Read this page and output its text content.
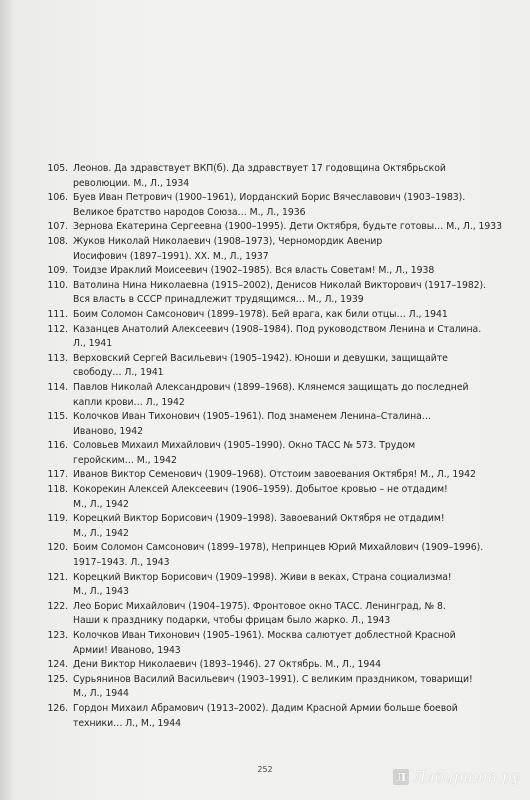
105. Леонов. Да здравствует ВКП(б). Да здравствует 17 годовщина Октябрьской
революции. М., Л., 1934
106. Буев Иван Петрович (1900–1961), Иорданский Борис Вячеславович (1903–1983).
Великое братство народов Союза… М., Л., 1936
107. Зернова Екатерина Сергеевна (1900–1995). Дети Октября, будьте готовы… М., Л., 1933
108. Жуков Николай Николаевич (1908–1973), Черномордик Авенир
Иосифович (1897–1991). ХХ. М., Л., 1937
109. Тоидзе Ираклий Моисеевич (1902–1985). Вся власть Советам! М., Л., 1938
110. Ватолина Нина Николаевна (1915–2002), Денисов Николай Викторович (1917–1982).
Вся власть в СССР принадлежит трудящимся… М., Л., 1939
111. Боим Соломон Самсонович (1899–1978). Бей врага, как били отцы… Л., 1941
112. Казанцев Анатолий Алексеевич (1908–1984). Под руководством Ленина и Сталина.
Л., 1941
113. Верховский Сергей Васильевич (1905–1942). Юноши и девушки, защищайте
свободу… Л., 1941
114. Павлов Николай Александрович (1899–1968). Клянемся защищать до последней
капли крови… Л., 1942
115. Колочков Иван Тихонович (1905–1961). Под знаменем Ленина–Сталина…
Иваново, 1942
116. Соловьев Михаил Михайлович (1905–1990). Окно ТАСС № 573. Трудом
геройским… М., 1942
117. Иванов Виктор Семенович (1909–1968). Отстоим завоевания Октября! М., Л., 1942
118. Кокорекин Алексей Алексеевич (1906–1959). Добытое кровью – не отдадим!
М., Л., 1942
119. Корецкий Виктор Борисович (1909–1998). Завоеваний Октября не отдадим!
М., Л., 1942
120. Боим Соломон Самсонович (1899–1978), Непринцев Юрий Михайлович (1909–1996).
1917–1943. Л., 1943
121. Корецкий Виктор Борисович (1909–1998). Живи в веках, Страна социализма!
М., Л., 1943
122. Лео Борис Михайлович (1904–1975). Фронтовое окно ТАСС. Ленинград, № 8.
Наши к празднику подарки, чтобы фрицам было жарко. Л., 1943
123. Колочков Иван Тихонович (1905–1961). Москва салютует доблестной Красной
Армии! Иваново, 1943
124. Дени Виктор Николаевич (1893–1946). 27 Октябрь. М., Л., 1944
125. Сурьянинов Василий Васильевич (1903–1991). С великим праздником, товарищи!
М., Л., 1944
126. Гордон Михаил Абрамович (1913–2002). Дадим Красной Армии больше боевой
техники… Л., М., 1944
252
Л Лабиринт.ру
